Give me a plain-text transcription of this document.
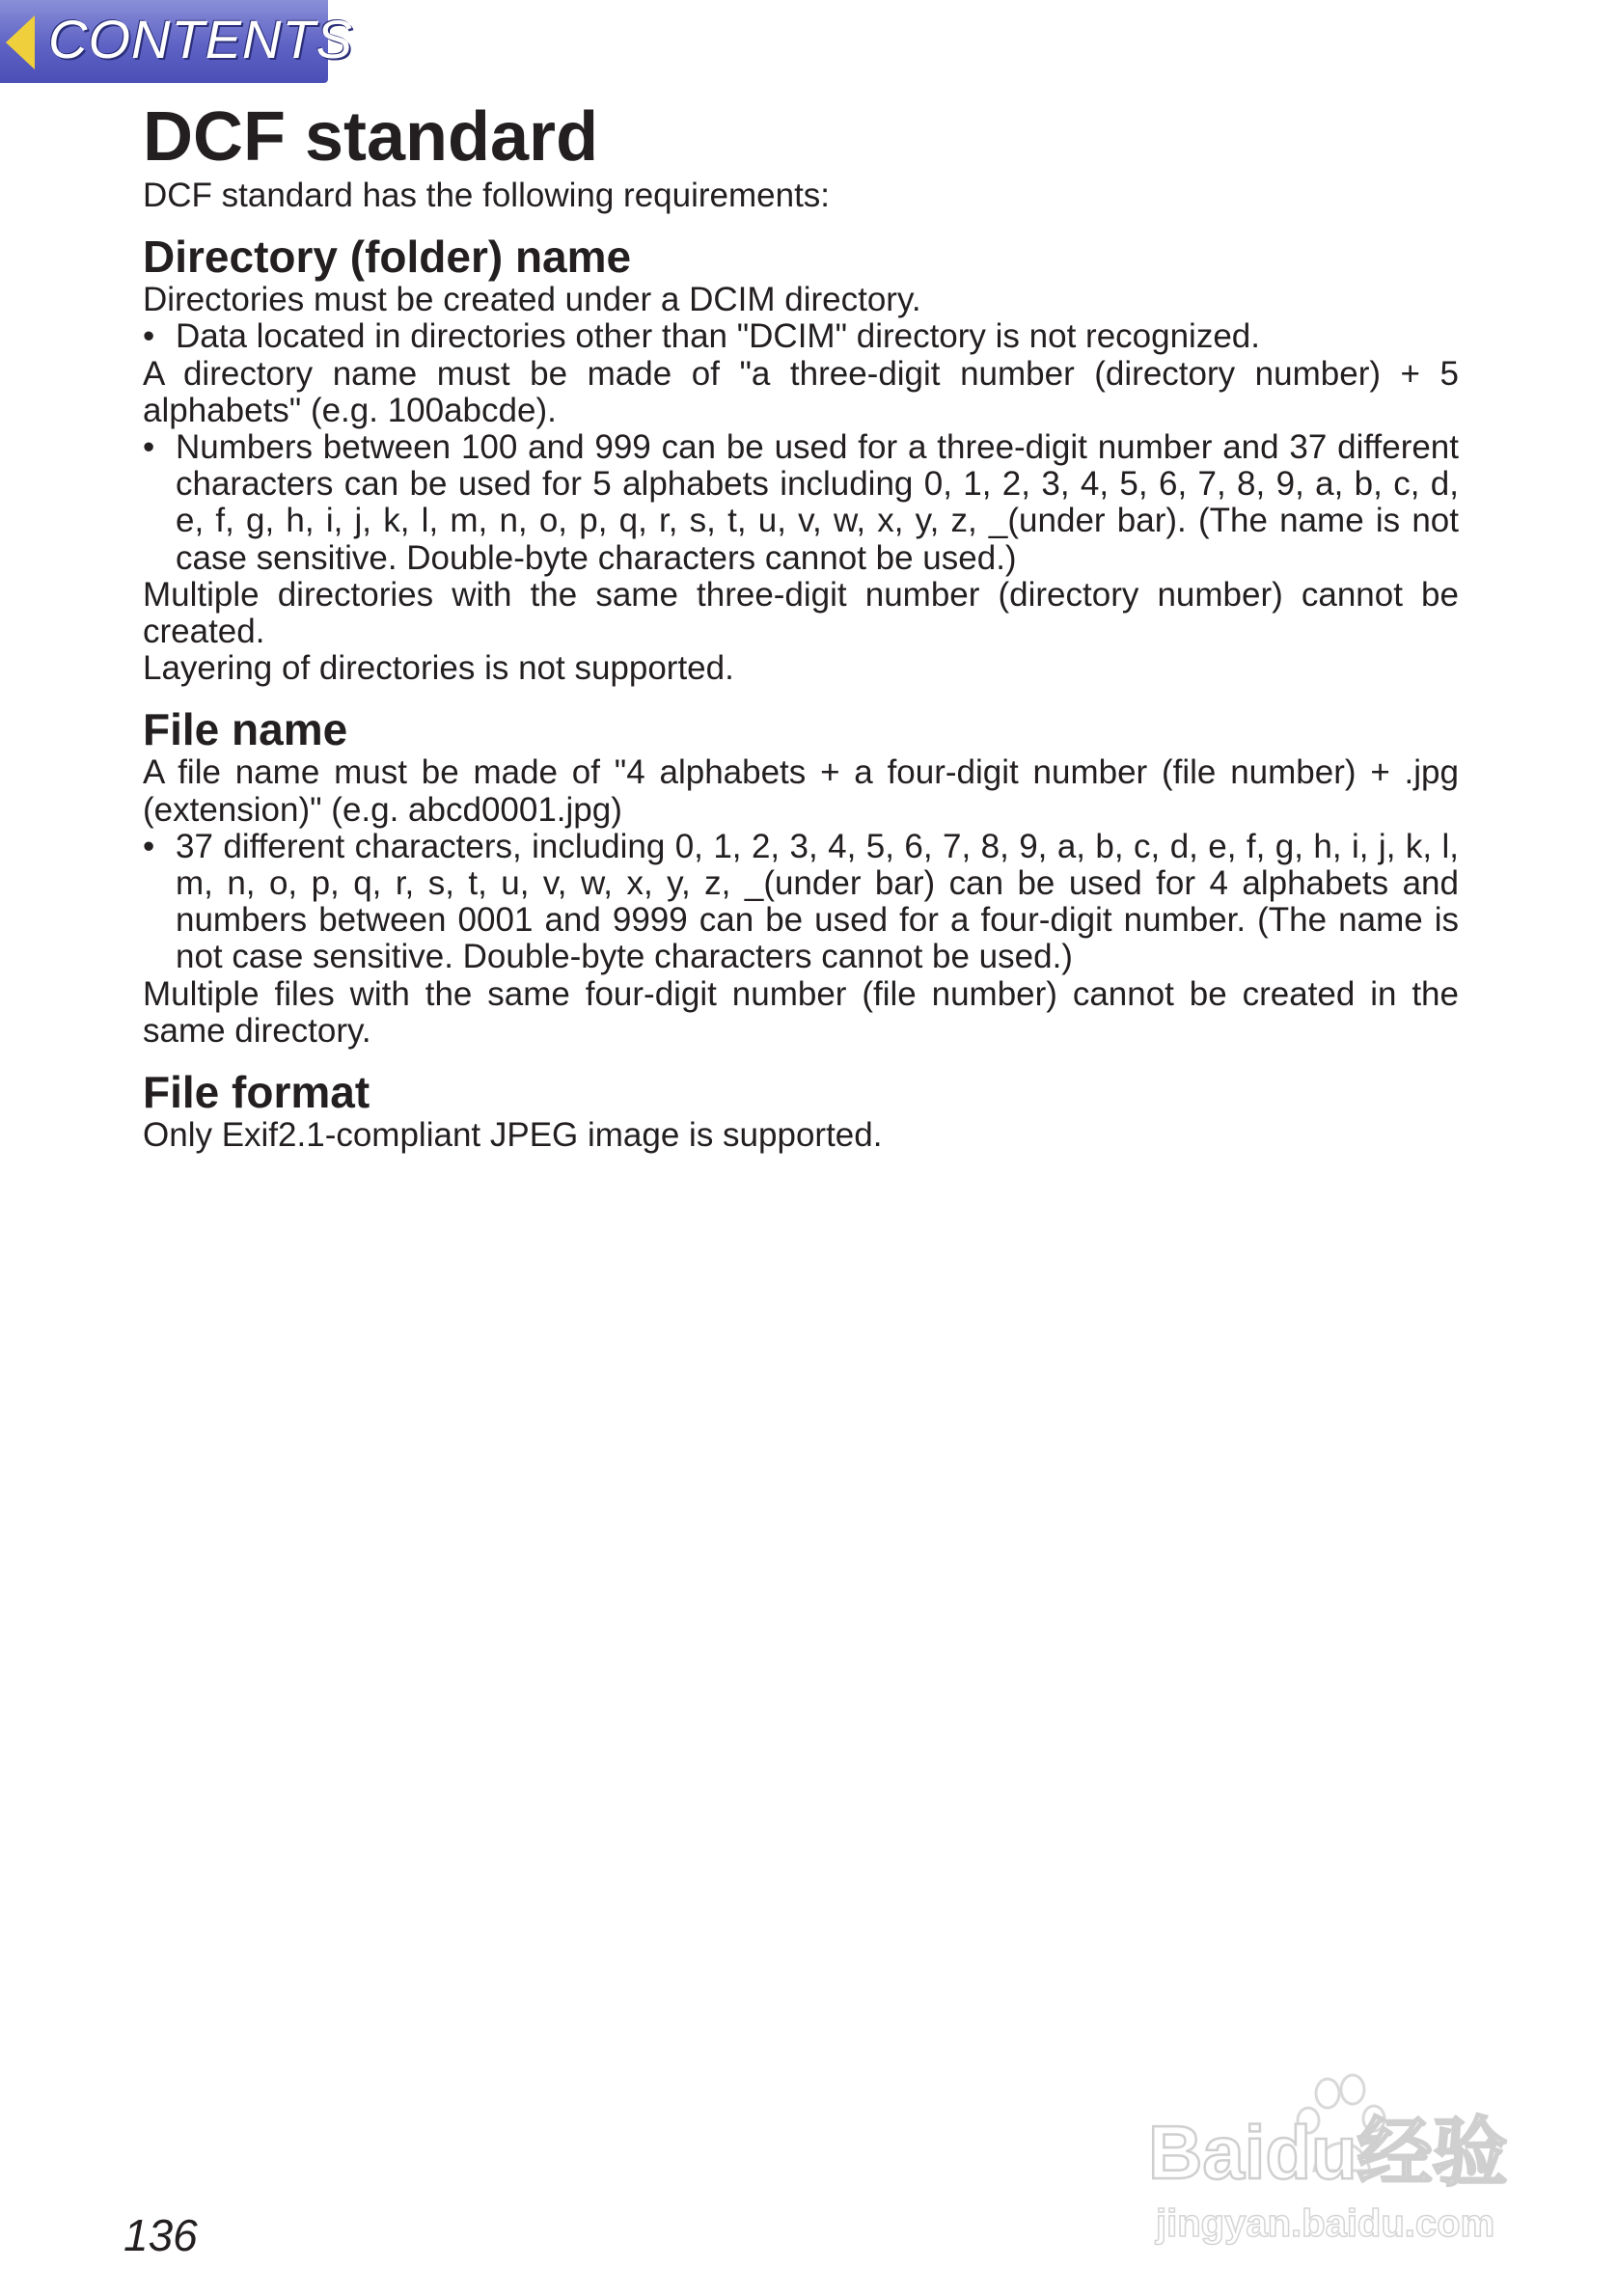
CONTENTS
DCF standard

DCF standard has the following requirements:

Directory (folder) name

Directories must be created under a DCIM directory.

• Data located in directories other than "DCIM" directory is not recognized.

A directory name must be made of "a three-digit number (directory number) + 5 alphabets" (e.g. 100abcde).

• Numbers between 100 and 999 can be used for a three-digit number and 37 different characters can be used for 5 alphabets including 0, 1, 2, 3, 4, 5, 6, 7, 8, 9, a, b, c, d, e, f, g, h, i, j, k, l, m, n, o, p, q, r, s, t, u, v, w, x, y, z, _(under bar). (The name is not case sensitive. Double-byte characters cannot be used.)

Multiple directories with the same three-digit number (directory number) cannot be created.

Layering of directories is not supported.

File name

A file name must be made of "4 alphabets + a four-digit number (file number) + .jpg (extension)" (e.g. abcd0001.jpg)

• 37 different characters, including 0, 1, 2, 3, 4, 5, 6, 7, 8, 9, a, b, c, d, e, f, g, h, i, j, k, l, m, n, o, p, q, r, s, t, u, v, w, x, y, z, _(under bar) can be used for 4 alphabets and numbers between 0001 and 9999 can be used for a four-digit number. (The name is not case sensitive. Double-byte characters cannot be used.)

Multiple files with the same four-digit number (file number) cannot be created in the same directory.

File format

Only Exif2.1-compliant JPEG image is supported.

136
Baidu经验
jingyan.baidu.com
